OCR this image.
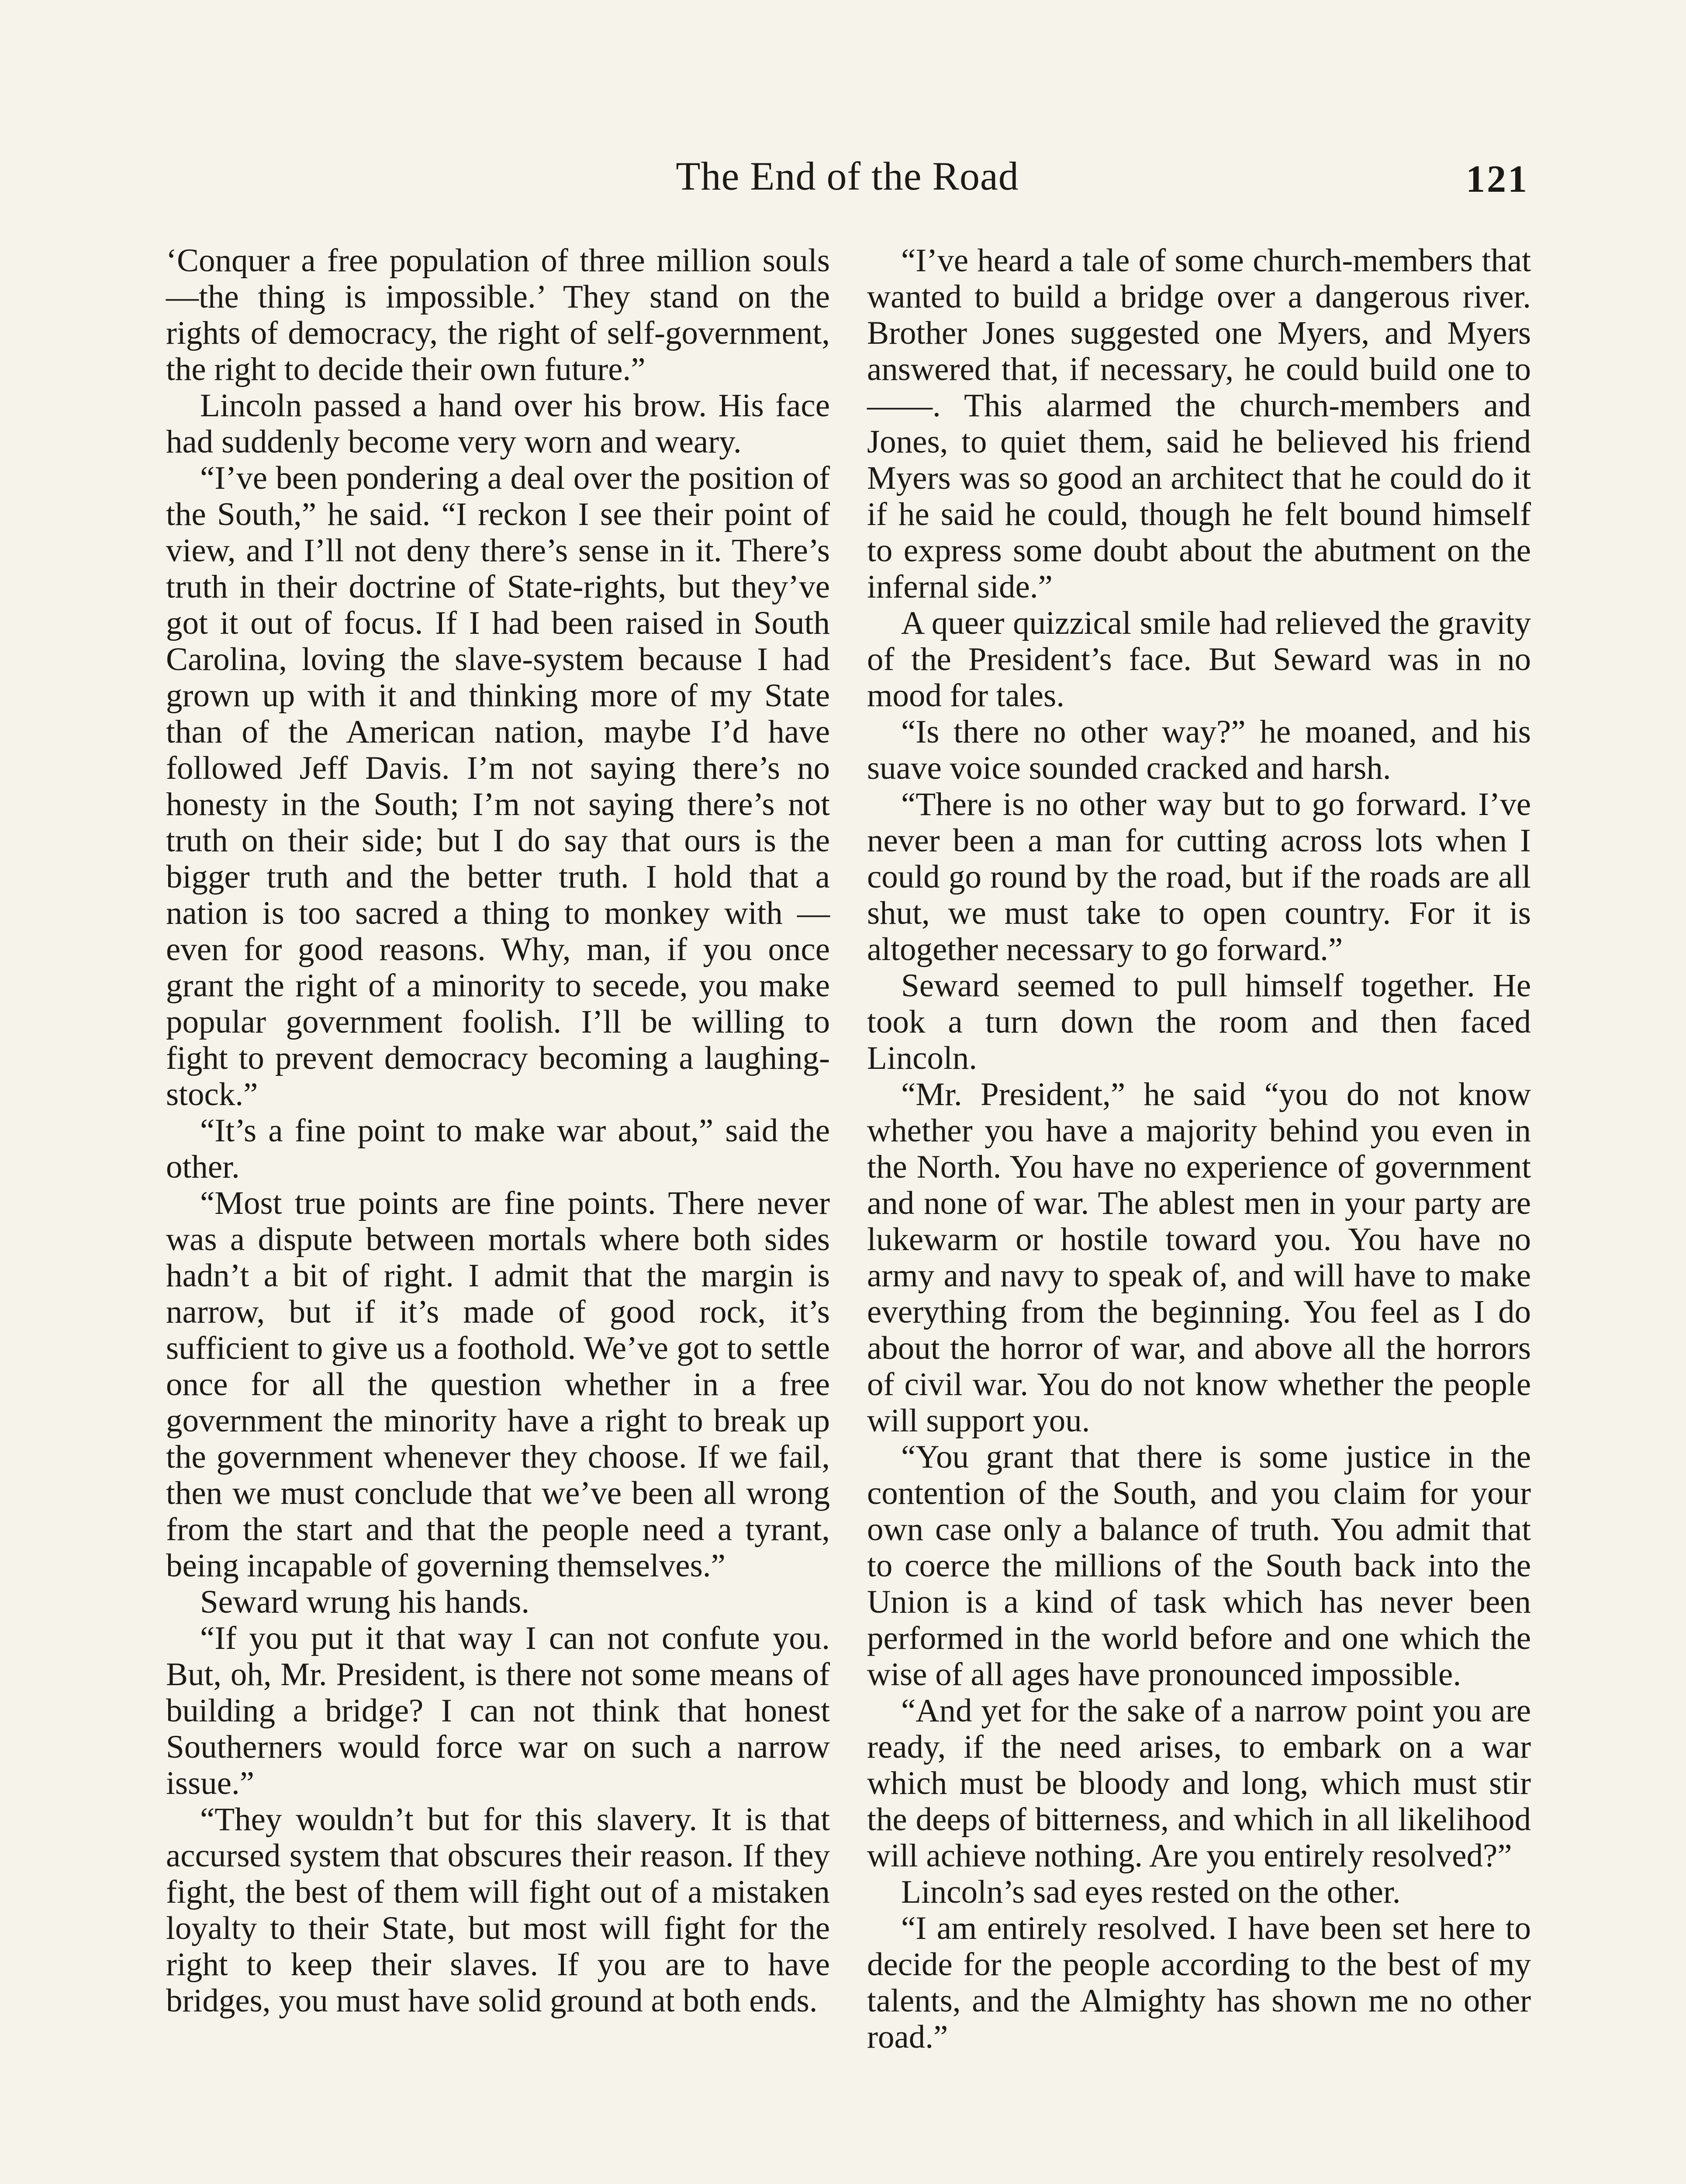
The End of the Road	121

‘Conquer a free population of three million souls—the thing is impossible.’ They stand on the rights of democracy, the right of self-government, the right to decide their own future.”

Lincoln passed a hand over his brow. His face had suddenly become very worn and weary.

“I’ve been pondering a deal over the position of the South,” he said. “I reckon I see their point of view, and I’ll not deny there’s sense in it. There’s truth in their doctrine of State-rights, but they’ve got it out of focus. If I had been raised in South Carolina, loving the slave-system because I had grown up with it and thinking more of my State than of the American nation, maybe I’d have followed Jeff Davis. I’m not saying there’s no honesty in the South; I’m not saying there’s not truth on their side; but I do say that ours is the bigger truth and the better truth. I hold that a nation is too sacred a thing to monkey with —even for good reasons. Why, man, if you once grant the right of a minority to secede, you make popular government foolish. I’ll be willing to fight to prevent democracy becoming a laughing-stock.”

“It’s a fine point to make war about,” said the other.

“Most true points are fine points. There never was a dispute between mortals where both sides hadn’t a bit of right. I admit that the margin is narrow, but if it’s made of good rock, it’s sufficient to give us a foothold. We’ve got to settle once for all the question whether in a free government the minority have a right to break up the government whenever they choose. If we fail, then we must conclude that we’ve been all wrong from the start and that the people need a tyrant, being incapable of governing themselves.”

Seward wrung his hands.

“If you put it that way I can not confute you. But, oh, Mr. President, is there not some means of building a bridge? I can not think that honest Southerners would force war on such a narrow issue.”

“They wouldn’t but for this slavery. It is that accursed system that obscures their reason. If they fight, the best of them will fight out of a mistaken loyalty to their State, but most will fight for the right to keep their slaves. If you are to have bridges, you must have solid ground at both ends.

“I’ve heard a tale of some church-members that wanted to build a bridge over a dangerous river. Brother Jones suggested one Myers, and Myers answered that, if necessary, he could build one to ——. This alarmed the church-members and Jones, to quiet them, said he believed his friend Myers was so good an architect that he could do it if he said he could, though he felt bound himself to express some doubt about the abutment on the infernal side.”

A queer quizzical smile had relieved the gravity of the President’s face. But Seward was in no mood for tales.

“Is there no other way?” he moaned, and his suave voice sounded cracked and harsh.

“There is no other way but to go forward. I’ve never been a man for cutting across lots when I could go round by the road, but if the roads are all shut, we must take to open country. For it is altogether necessary to go forward.”

Seward seemed to pull himself together. He took a turn down the room and then faced Lincoln.

“Mr. President,” he said “you do not know whether you have a majority behind you even in the North. You have no experience of government and none of war. The ablest men in your party are lukewarm or hostile toward you. You have no army and navy to speak of, and will have to make everything from the beginning. You feel as I do about the horror of war, and above all the horrors of civil war. You do not know whether the people will support you.

“You grant that there is some justice in the contention of the South, and you claim for your own case only a balance of truth. You admit that to coerce the millions of the South back into the Union is a kind of task which has never been performed in the world before and one which the wise of all ages have pronounced impossible.

“And yet for the sake of a narrow point you are ready, if the need arises, to embark on a war which must be bloody and long, which must stir the deeps of bitterness, and which in all likelihood will achieve nothing. Are you entirely resolved?”

Lincoln’s sad eyes rested on the other.

“I am entirely resolved. I have been set here to decide for the people according to the best of my talents, and the Almighty has shown me no other road.”
